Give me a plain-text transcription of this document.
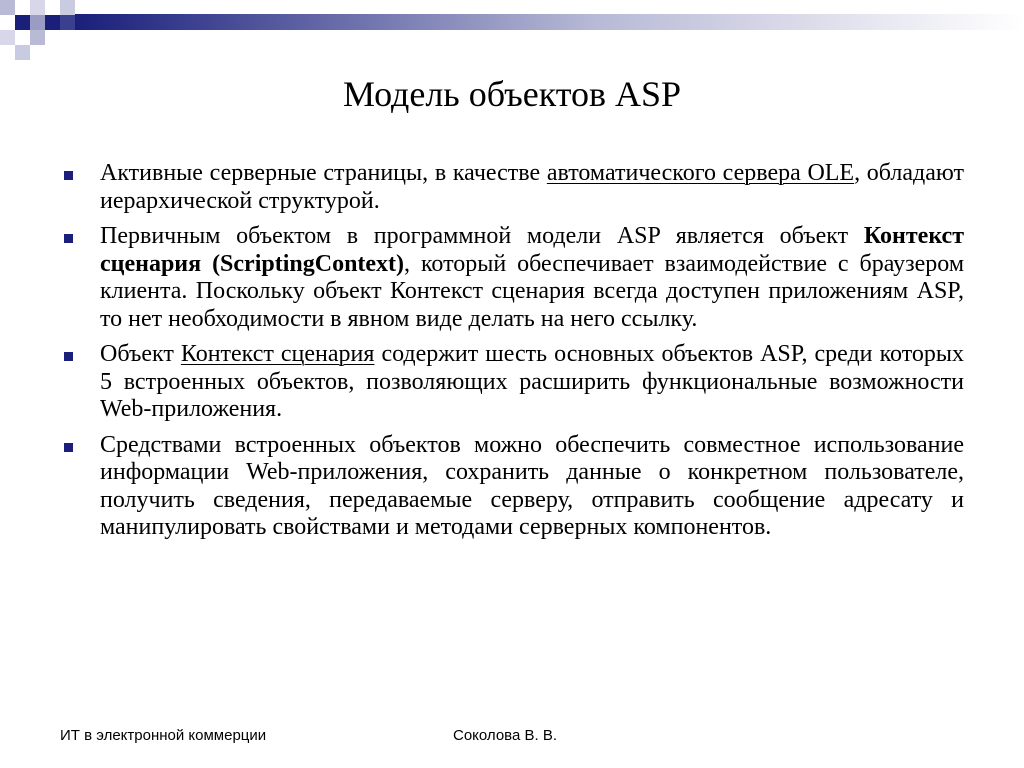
Модель объектов ASP
Активные серверные страницы, в качестве автоматического сервера OLE, обладают иерархической структурой.
Первичным объектом в программной модели ASP является объект Контекст сценария (ScriptingContext), который обеспечивает взаимодействие с браузером клиента. Поскольку объект Контекст сценария всегда доступен приложениям ASP, то нет необходимости в явном виде делать на него ссылку.
Объект Контекст сценария содержит шесть основных объектов ASP, среди которых 5 встроенных объектов, позволяющих расширить функциональные возможности Web-приложения.
Средствами встроенных объектов можно обеспечить совместное использование информации Web-приложения, сохранить данные о конкретном пользователе, получить сведения, передаваемые серверу, отправить сообщение адресату и манипулировать свойствами и методами серверных компонентов.
ИТ в электронной коммерции	Соколова В. В.
